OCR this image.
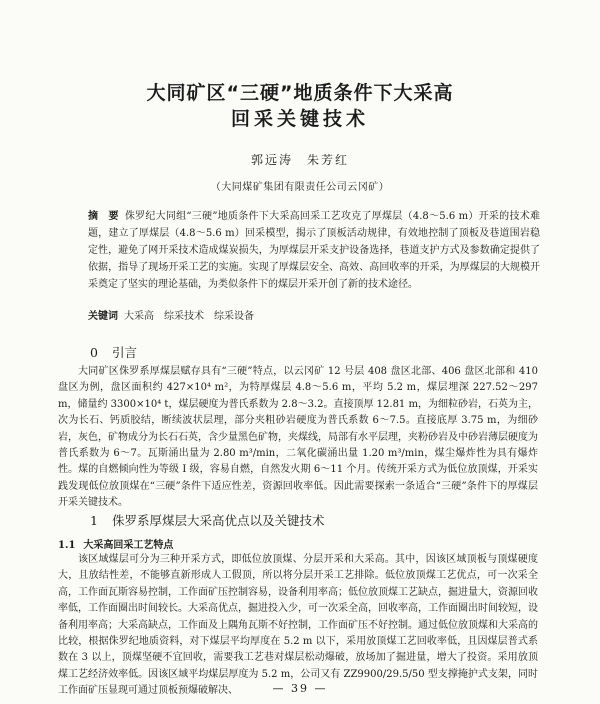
大同矿区“三硬”地质条件下大采高
回采关键技术
郭远涛　朱芳红
（大同煤矿集团有限责任公司云冈矿）
摘　要 侏罗纪大同组“三硬”地质条件下大采高回采工艺攻克了厚煤层（4.8～5.6 m）开采的技术难题，建立了厚煤层（4.8～5.6 m）回采模型，揭示了顶板活动规律，有效地控制了顶板及巷道围岩稳定性，避免了网开采技术造成煤炭损失，为厚煤层开采支护设备选择，巷道支护方式及参数确定提供了依据，指导了现场开采工艺的实施。实现了厚煤层安全、高效、高回收率的开采，为厚煤层的大规模开采奠定了坚实的理论基础，为类似条件下的煤层开采开创了新的技术途径。
关键词 大采高　综采技术　综采设备
0 引言

大同矿区侏罗系厚煤层赋存具有“三硬”特点，以云冈矿 12 号层 408 盘区北部、406 盘区北部和 410 盘区为例，盘区面积约 427×10⁴ m²，为特厚煤层 4.8～5.6 m，平均 5.2 m，煤层埋深 227.52～297 m，储量约 3300×10⁴ t，煤层硬度为普氏系数为 2.8～3.2。直接顶厚 12.81 m，为细粒砂岩，石英为主，次为长石、钙质胶结，断续波状层理，部分夹粗砂岩硬度为普氏系数 6～7.5。直接底厚 3.75 m，为细砂岩，灰色，矿物成分为长石石英，含少量黑色矿物，夹煤线，局部有水平层理，夹粉砂岩及中砂岩薄层硬度为普氏系数为 6～7。瓦斯涌出量为 2.80 m³/min，二氧化碳涌出量 1.20 m³/min，煤尘爆炸性为具有爆炸性。煤的自燃倾向性为等级 I 级，容易自燃，自然发火期 6～11 个月。传统开采方式为低位放顶煤，开采实践发现低位放顶煤在“三硬”条件下适应性差，资源回收率低。因此需要探索一条适合“三硬”条件下的厚煤层开采关键技术。

1 侏罗系厚煤层大采高优点以及关键技术
1.1 大采高回采工艺特点

该区域煤层可分为三种开采方式，即低位放顶煤、分层开采和大采高。其中，因该区域顶板与顶煤硬度大，且放结性差，不能够直新形成人工假顶，所以将分层开采工艺排除。低位放顶煤工艺优点，可一次采全高，工作面瓦斯容易控制，工作面矿压控制容易，设备利用率高；低位放顶煤工艺缺点，掘进量大，资源回收率低，工作面圈出时间较长。大采高优点，掘进投入少，可一次采全高，回收率高，工作面圈出时间较短，设备利用率高；大采高缺点，工作面及上隅角瓦斯不好控制，工作面矿压不好控制。通过低位放顶煤和大采高的比较，根据侏罗纪地质资料，对下煤层平均厚度在 5.2 m 以下，采用放顶煤工艺回收率低，且因煤层普式系数在 3 以上，顶煤坚硬不宜回收，需要我工艺巷对煤层松动爆破，放场加了掘进量，增大了投资。采用放顶煤工艺经济效率低。因该区域平均煤层厚度为 5.2 m，公司又有 ZZ9900/29.5/50 型支撑掩护式支架，同时工作面矿压显现可通过顶板预爆破解决、	— 39 —
